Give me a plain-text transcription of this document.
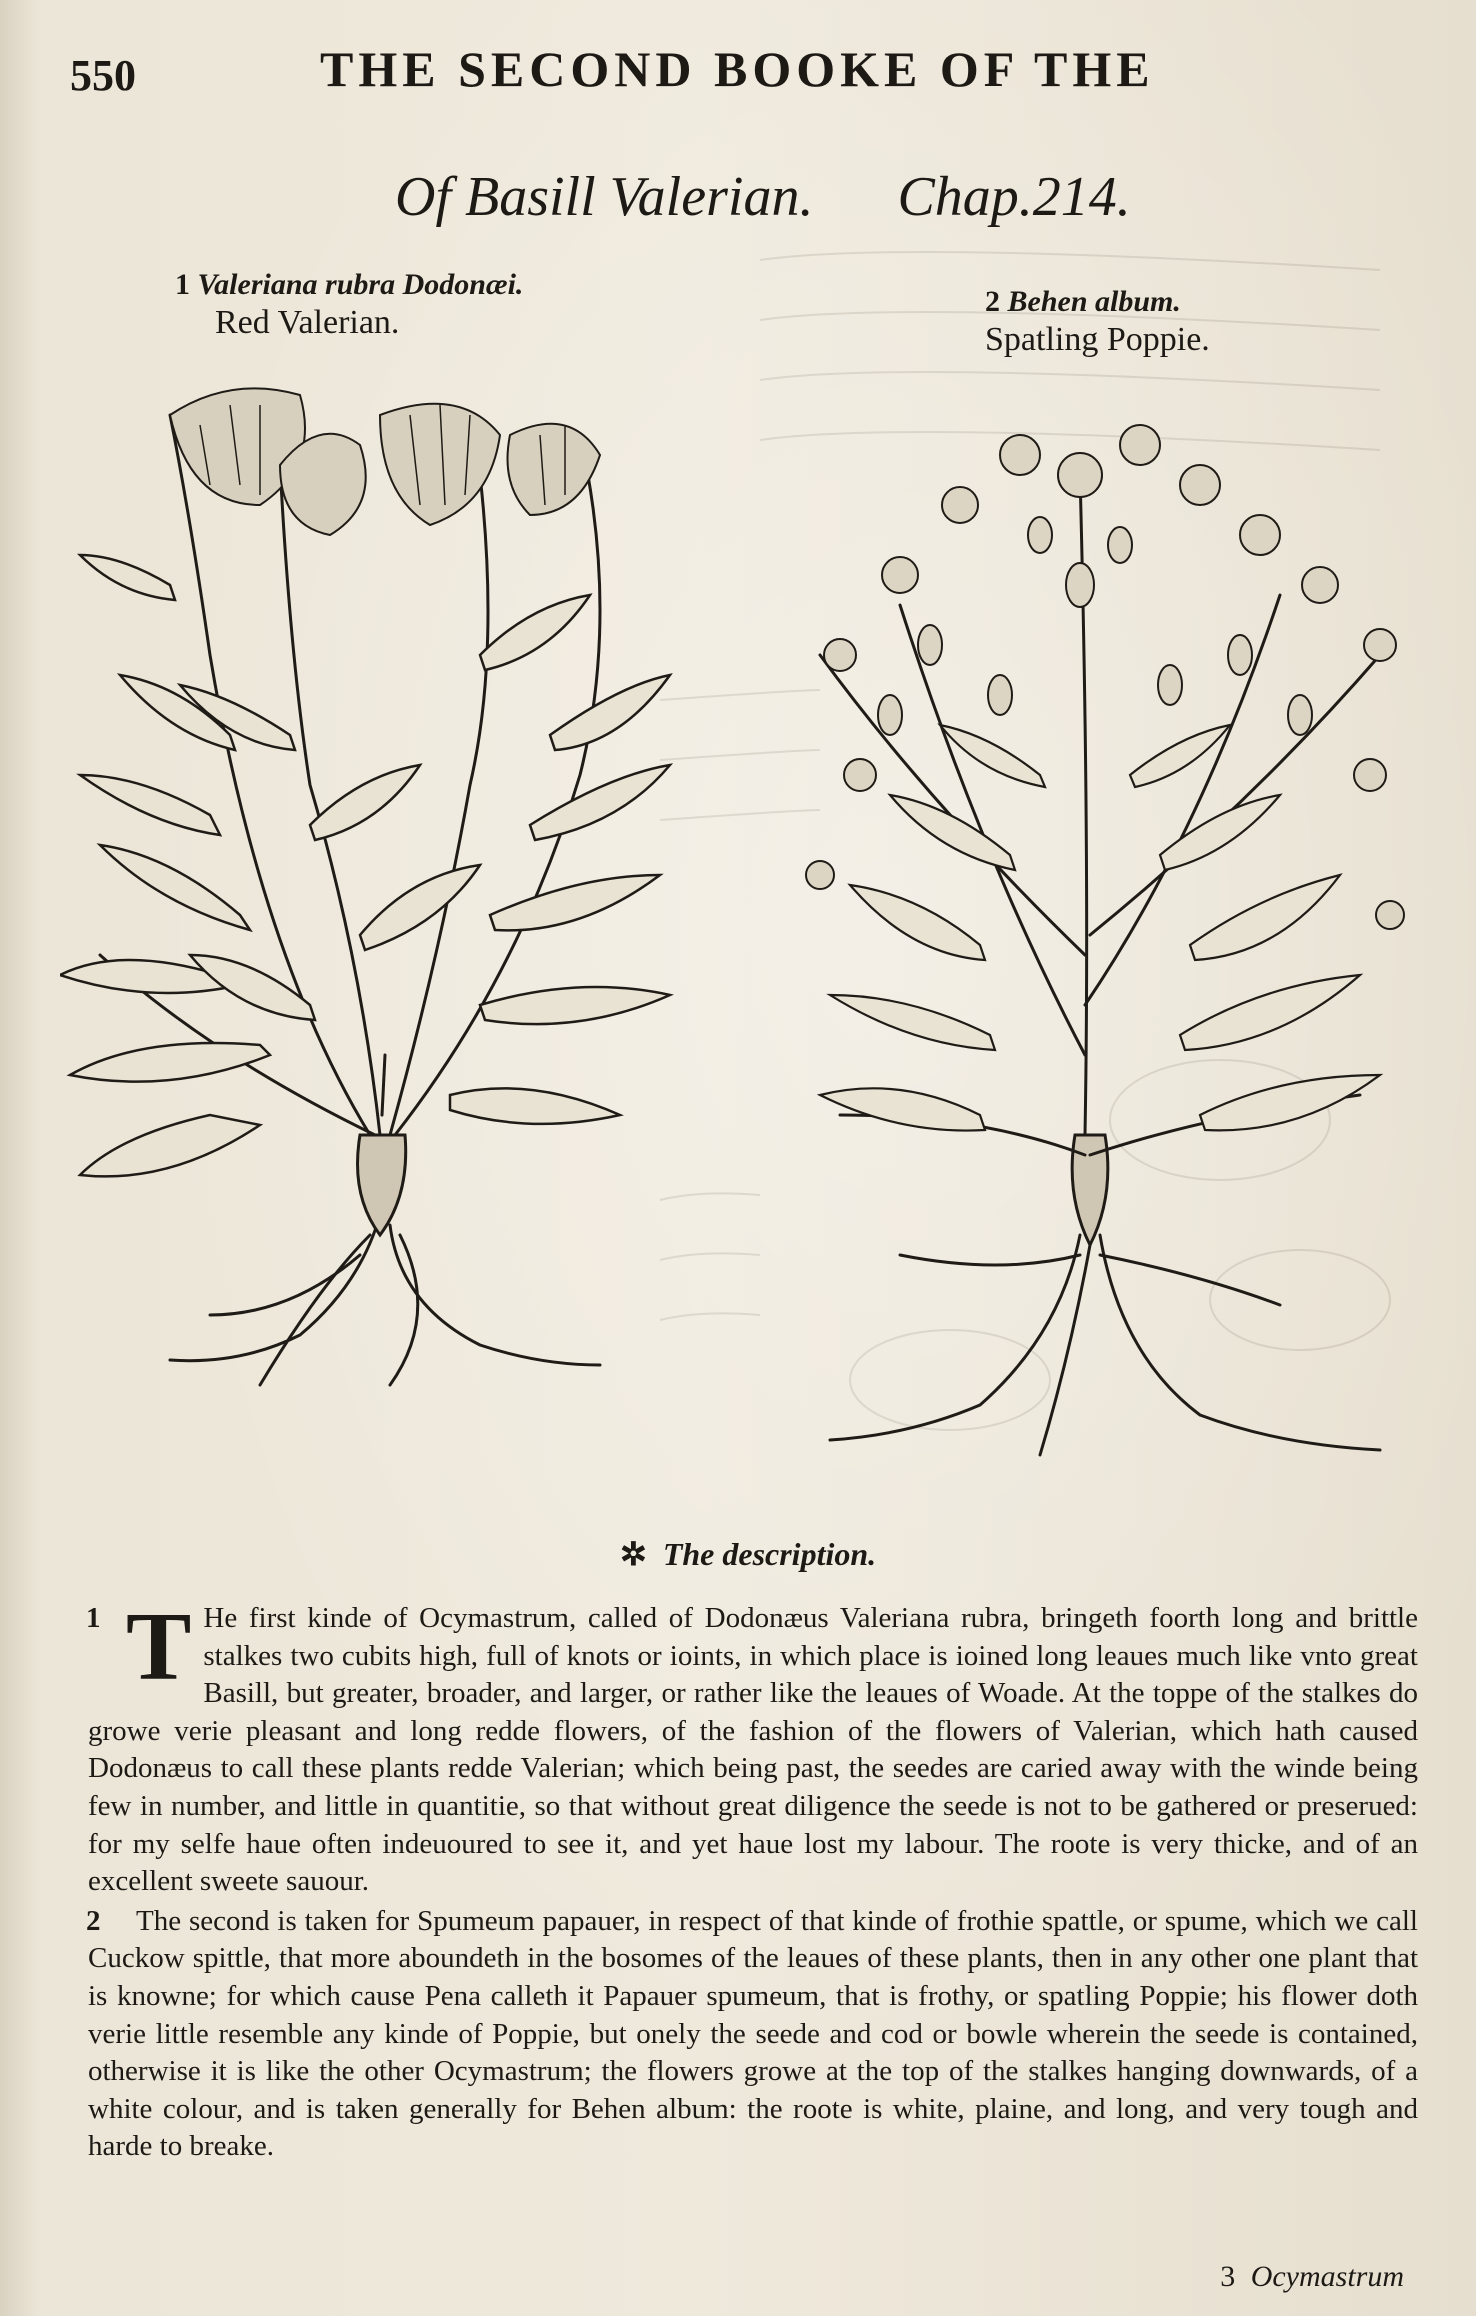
550	THE SECOND BOOKE OF THE
Of Basill Valerian. Chap.214.
1 Valeriana rubra Dodonæi.
Red Valerian.
2 Behen album.
Spatling Poppie.
✲ The description.
1 T He first kinde of Ocymastrum, called of Dodonæus Valeriana rubra, bringeth foorth long and brittle stalkes two cubits high, full of knots or ioints, in which place is ioined long leaues much like vnto great Basill, but greater, broader, and larger, or rather like the leaues of Woade. At the toppe of the stalkes do growe verie pleasant and long redde flowers, of the fashion of the flowers of Valerian, which hath caused Dodonæus to call these plants redde Valerian; which being past, the seedes are caried away with the winde being few in number, and little in quantitie, so that without great diligence the seede is not to be gathered or preserued: for my selfe haue often indeuoured to see it, and yet haue lost my labour. The roote is very thicke, and of an excellent sweete sauour.
2	The second is taken for Spumeum papauer, in respect of that kinde of frothie spattle, or spume, which we call Cuckow spittle, that more aboundeth in the bosomes of the leaues of these plants, then in any other one plant that is knowne; for which cause Pena calleth it Papauer spumeum, that is frothy, or spatling Poppie; his flower doth verie little resemble any kinde of Poppie, but onely the seede and cod or bowle wherein the seede is contained, otherwise it is like the other Ocymastrum; the flowers growe at the top of the stalkes hanging downwards, of a white colour, and is taken generally for Behen album: the roote is white, plaine, and long, and very tough and harde to breake.
3 Ocymastrum
